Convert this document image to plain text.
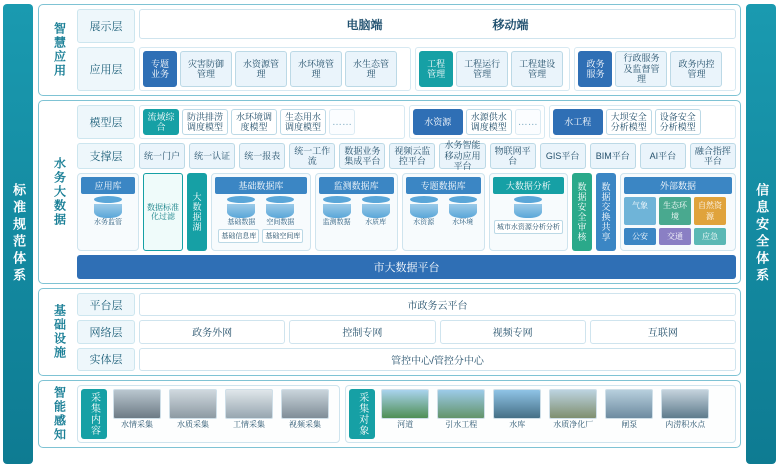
标准规范体系
智慧应用	展示层	电脑端	移动端
应用层
专题业务
灾害防御管理
水资源管理
水环境管理
水生态管理
工程管理
工程运行管理
工程建设管理
政务服务
行政服务及监督管理
政务内控管理
水务大数据
模型层
流域综合
防洪排涝调度模型
水环境调度模型
生态用水调度模型	……	水资源
水源供水调度模型	……	水工程
大坝安全分析模型
设备安全分析模型
支撑层	统一门户	统一认证	统一报表
统一工作流
数据业务集成平台
视频云监控平台
水务智能移动应用平台
物联网平台
GIS平台	BIM平台	AI平台
融合指挥平台
应用库
水务监管
数据标准化过滤	大数据湖
基础数据库
基础数据 空间数据
基础信息库	基础空间库
监测数据库
监测数据 水质库
专题数据库
水资源	水环境
大数据分析
城市水资源分析分析	数据安全审核	数据交换共享	外部数据
气象	生态环境
自然资源
公安	交通	应急
市大数据平台
基础设施	平台层	市政务云平台
网络层	政务外网	控制专网	视频专网	互联网
实体层	管控中心/管控分中心
智能感知 采集内容	水情采集	水质采集	工情采集	视频采集	采集对象	河道	引水工程	水库	水质净化厂	闸泵	内涝积水点
信息安全体系
